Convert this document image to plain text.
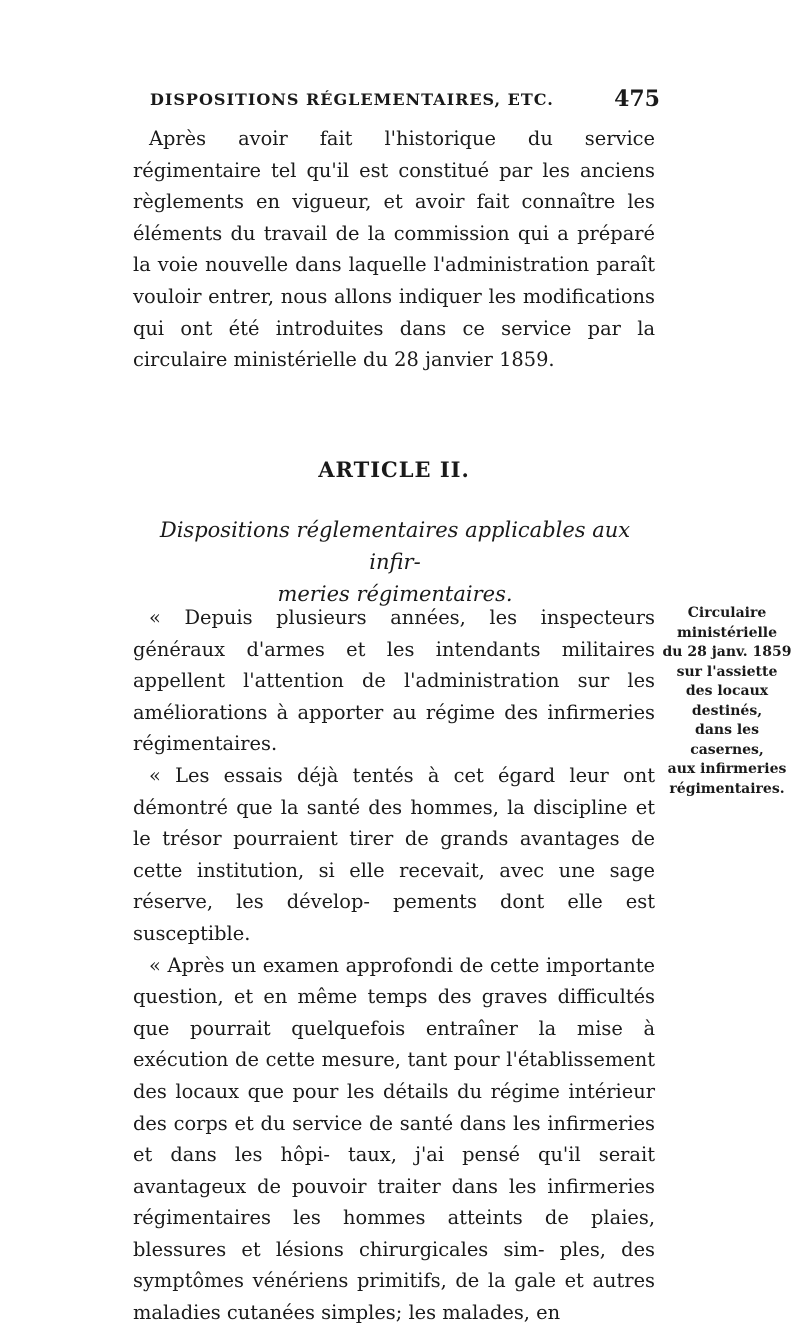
DISPOSITIONS RÉGLEMENTAIRES, ETC.	475

Après avoir fait l'historique du service régimentaire tel qu'il est constitué par les anciens règlements en vigueur, et avoir fait connaître les éléments du travail de la commission qui a préparé la voie nouvelle dans laquelle l'administration paraît vouloir entrer, nous allons indiquer les modifications qui ont été introduites dans ce service par la circulaire ministérielle du 28 janvier 1859.

ARTICLE II.
Dispositions réglementaires applicables aux infir-
meries régimentaires.

« Depuis plusieurs années, les inspecteurs généraux d'armes et les intendants militaires appellent l'attention de l'administration sur les améliorations à apporter au régime des infirmeries régimentaires.

« Les essais déjà tentés à cet égard leur ont démontré que la santé des hommes, la discipline et le trésor pourraient tirer de grands avantages de cette institution, si elle recevait, avec une sage réserve, les dévelop- pements dont elle est susceptible.

« Après un examen approfondi de cette importante question, et en même temps des graves difficultés que pourrait quelquefois entraîner la mise à exécution de cette mesure, tant pour l'établissement des locaux que pour les détails du régime intérieur des corps et du service de santé dans les infirmeries et dans les hôpi- taux, j'ai pensé qu'il serait avantageux de pouvoir traiter dans les infirmeries régimentaires les hommes atteints de plaies, blessures et lésions chirurgicales sim- ples, des symptômes vénériens primitifs, de la gale et autres maladies cutanées simples; les malades, en

Circulaire
ministérielle
du 28 janv. 1859
sur l'assiette
des locaux
destinés,
dans les
casernes,
aux infirmeries
régimentaires.
